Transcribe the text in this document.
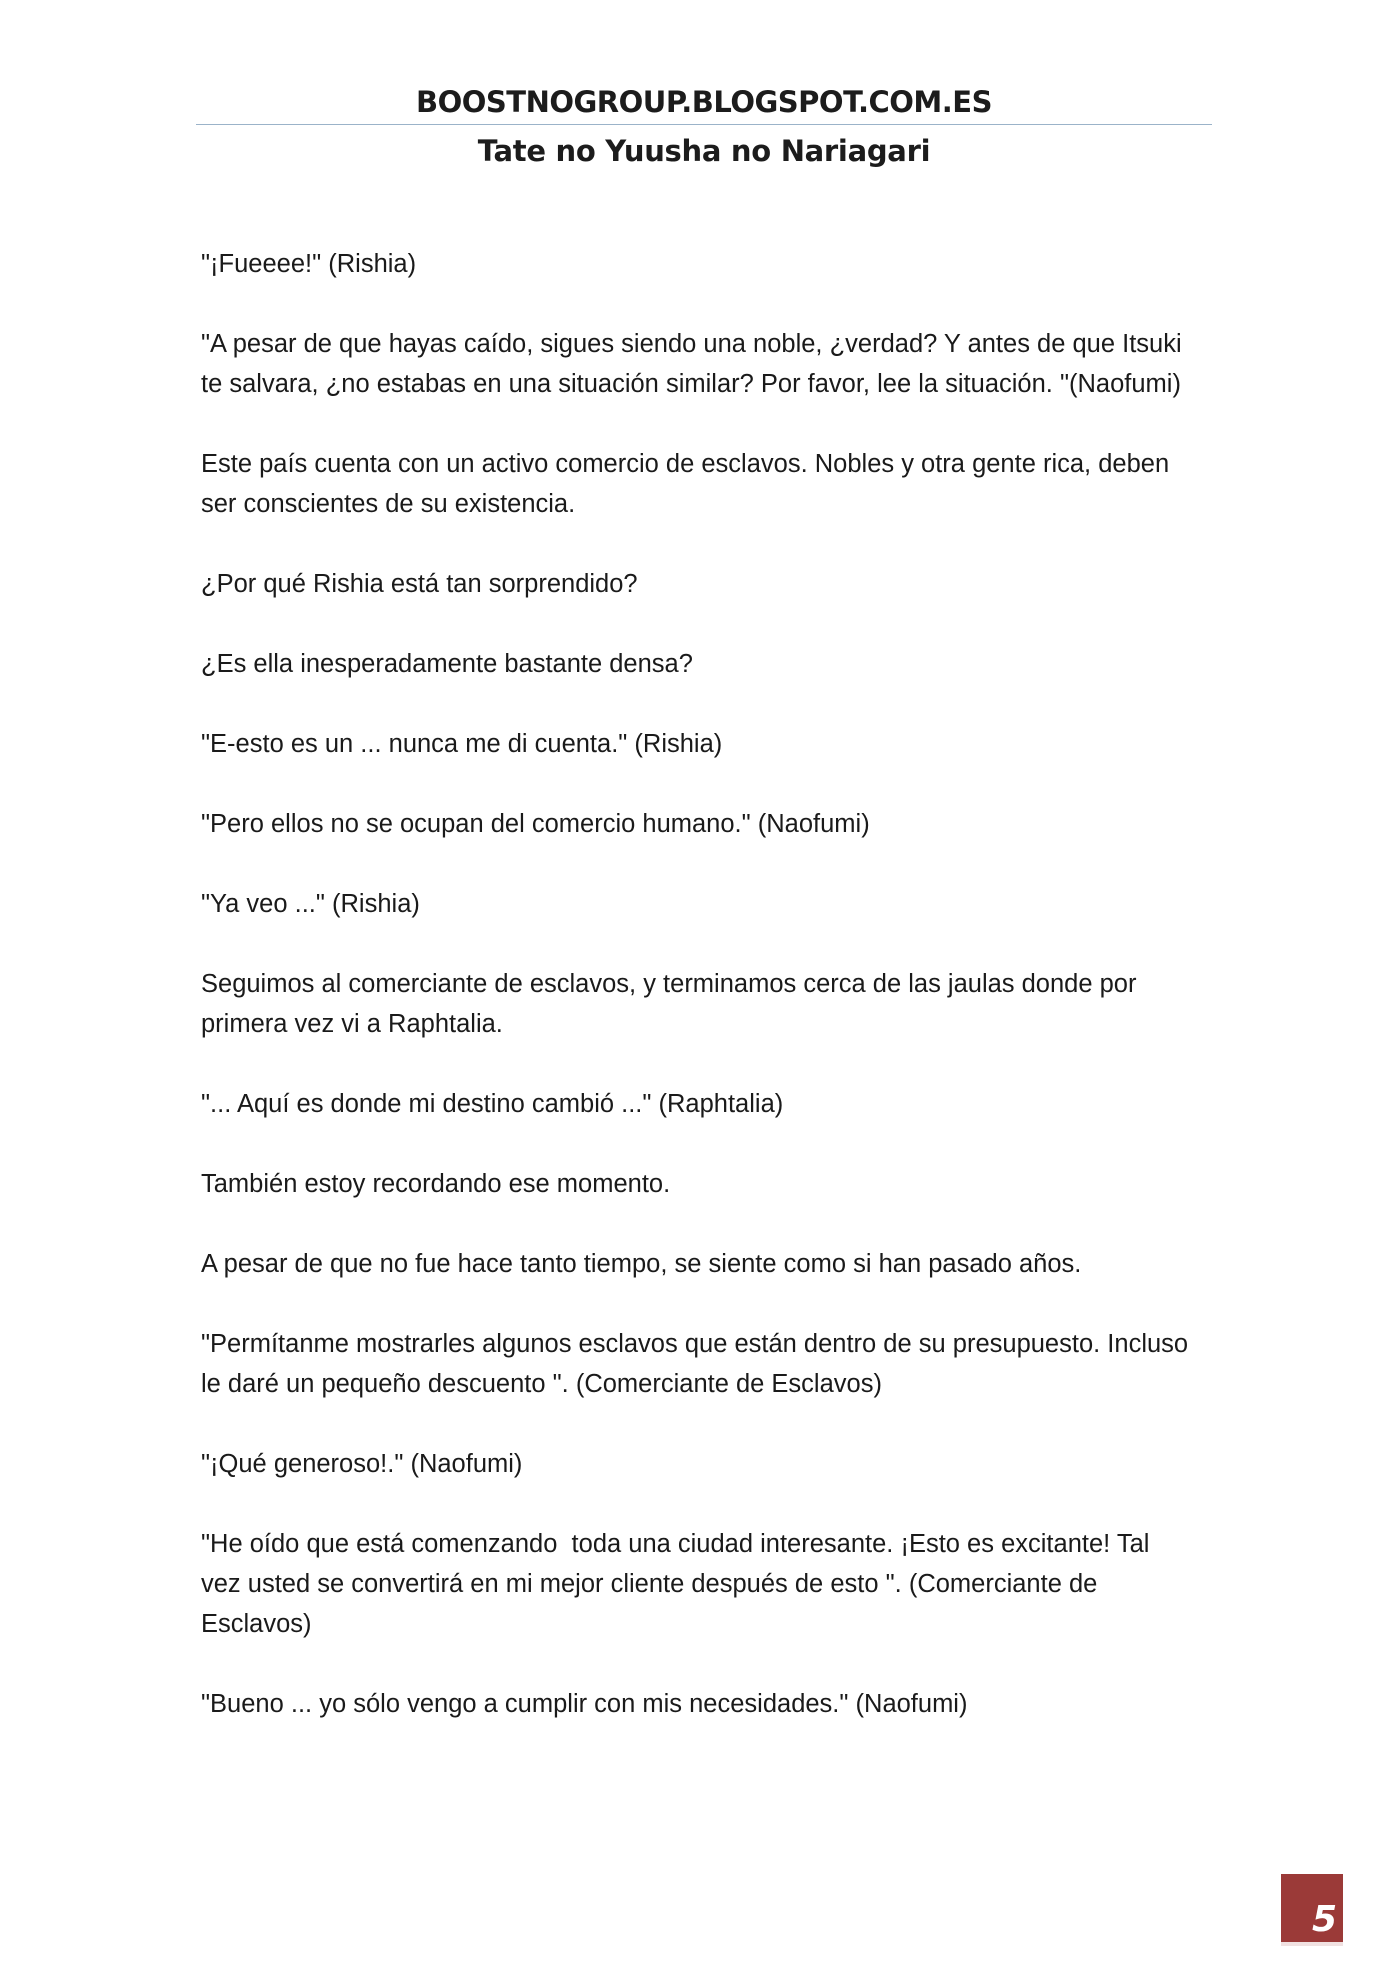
BOOSTNOGROUP.BLOGSPOT.COM.ES
Tate no Yuusha no Nariagari

"¡Fueeee!" (Rishia)

"A pesar de que hayas caído, sigues siendo una noble, ¿verdad? Y antes de que Itsuki
te salvara, ¿no estabas en una situación similar? Por favor, lee la situación. "(Naofumi)

Este país cuenta con un activo comercio de esclavos. Nobles y otra gente rica, deben
ser conscientes de su existencia.

¿Por qué Rishia está tan sorprendido?

¿Es ella inesperadamente bastante densa?

"E-esto es un ... nunca me di cuenta." (Rishia)

"Pero ellos no se ocupan del comercio humano." (Naofumi)

"Ya veo ..." (Rishia)

Seguimos al comerciante de esclavos, y terminamos cerca de las jaulas donde por
primera vez vi a Raphtalia.

"... Aquí es donde mi destino cambió ..." (Raphtalia)

También estoy recordando ese momento.

A pesar de que no fue hace tanto tiempo, se siente como si han pasado años.

"Permítanme mostrarles algunos esclavos que están dentro de su presupuesto. Incluso
le daré un pequeño descuento ". (Comerciante de Esclavos)

"¡Qué generoso!." (Naofumi)

"He oído que está comenzando  toda una ciudad interesante. ¡Esto es excitante! Tal
vez usted se convertirá en mi mejor cliente después de esto ". (Comerciante de
Esclavos)

"Bueno ... yo sólo vengo a cumplir con mis necesidades." (Naofumi)

5
